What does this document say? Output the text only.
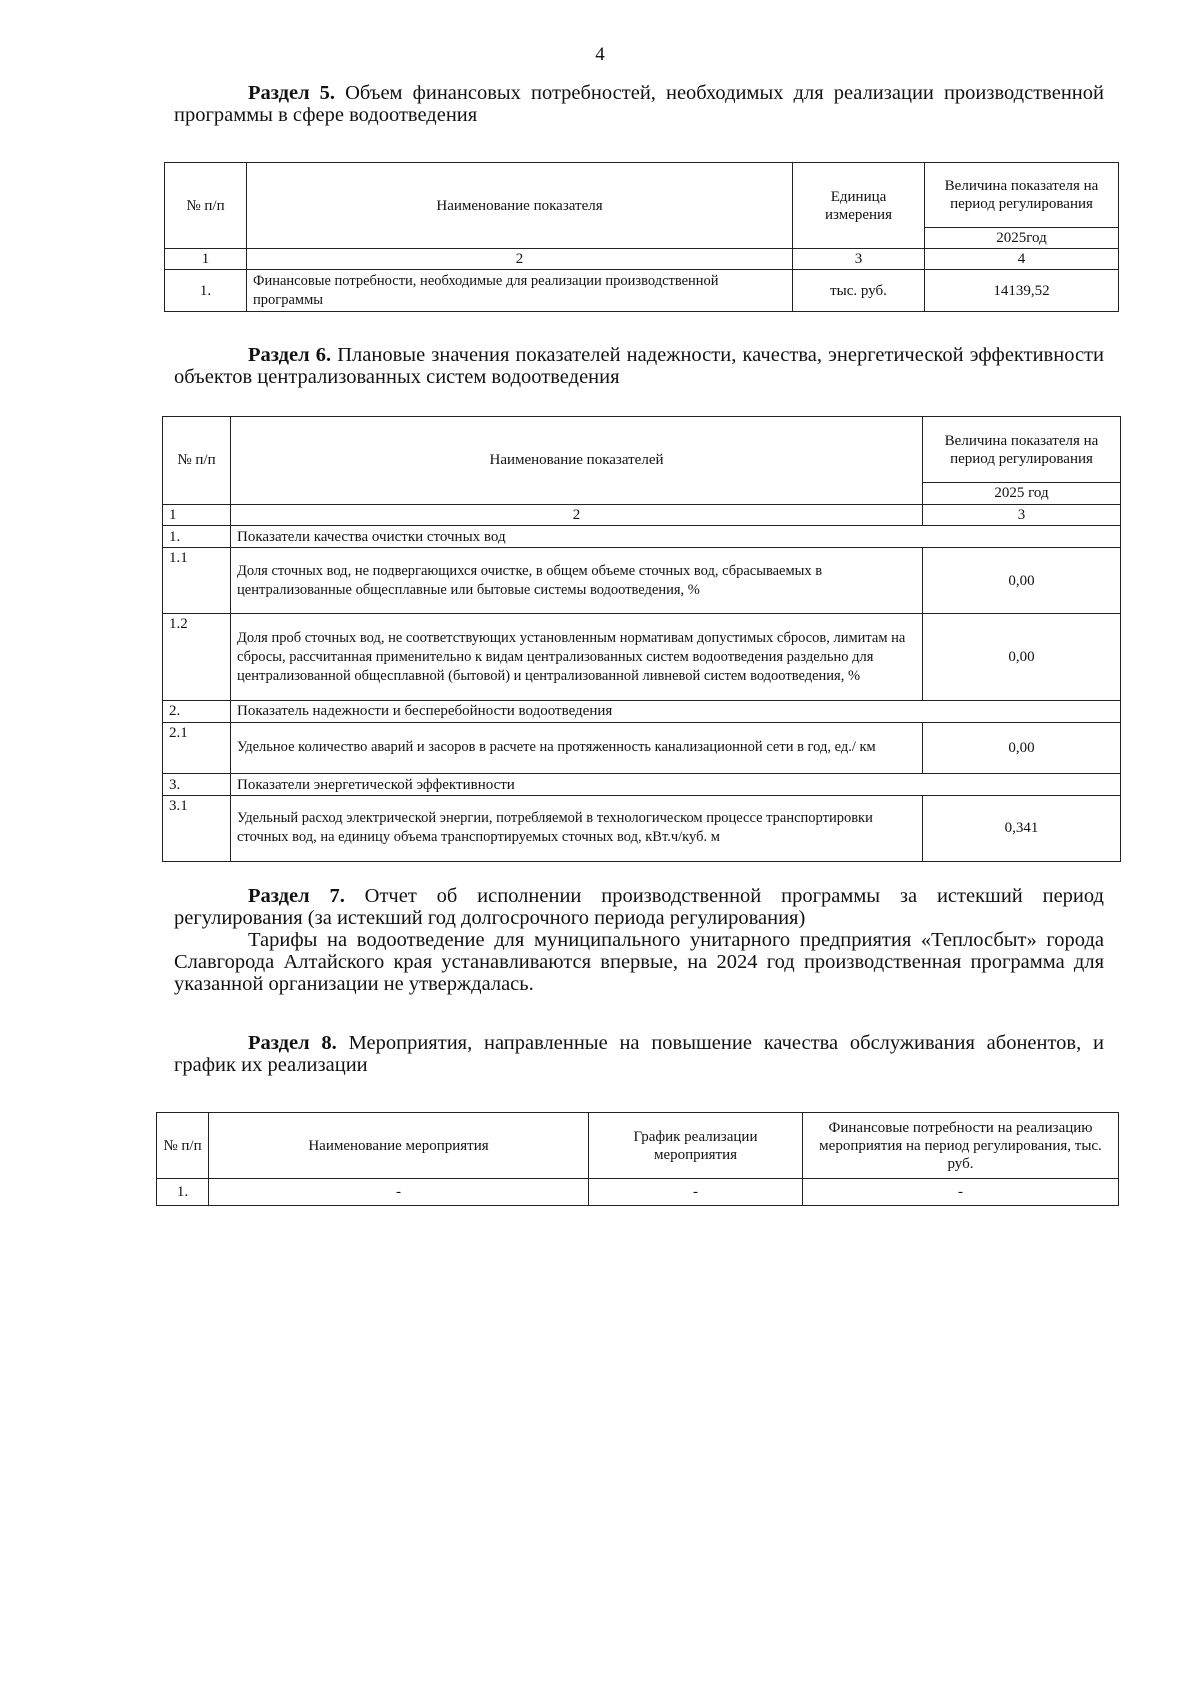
4
Раздел 5. Объем финансовых потребностей, необходимых для реализации производственной программы в сфере водоотведения
№ п/п	Наименование показателя	Единица измерения	Величина показателя на период регулирования
			2025год
1	2	3	4
1.	Финансовые потребности, необходимые для реализации производственной программы	тыс. руб.	14139,52
Раздел 6. Плановые значения показателей надежности, качества, энергетической эффективности объектов централизованных систем водоотведения
№ п/п	Наименование показателей	Величина показателя на период регулирования
		2025 год
1	2	3
1.	Показатели качества очистки сточных вод	
1.1	Доля сточных вод, не подвергающихся очистке, в общем объеме сточных вод, сбрасываемых в централизованные общесплавные или бытовые системы водоотведения, %	0,00
1.2	Доля проб сточных вод, не соответствующих установленным нормативам допустимых сбросов, лимитам на сбросы, рассчитанная применительно к видам централизованных систем водоотведения раздельно для централизованной общесплавной (бытовой) и централизованной ливневой систем водоотведения, %	0,00
2.	Показатель надежности и бесперебойности водоотведения	
2.1	Удельное количество аварий и засоров в расчете на протяженность канализационной сети в год, ед./ км	0,00
3.	Показатели энергетической эффективности	
3.1	Удельный расход электрической энергии, потребляемой в технологическом процессе транспортировки сточных вод, на единицу объема транспортируемых сточных вод, кВт.ч/куб. м	0,341
Раздел 7. Отчет об исполнении производственной программы за истекший период регулирования (за истекший год долгосрочного периода регулирования)
Тарифы на водоотведение для муниципального унитарного предприятия «Теплосбыт» города Славгорода Алтайского края устанавливаются впервые, на 2024 год производственная программа для указанной организации не утверждалась.
Раздел 8. Мероприятия, направленные на повышение качества обслуживания абонентов, и график их реализации
№ п/п	Наименование мероприятия	График реализации мероприятия	Финансовые потребности на реализацию мероприятия на период регулирования, тыс. руб.
1.	-	-	-
